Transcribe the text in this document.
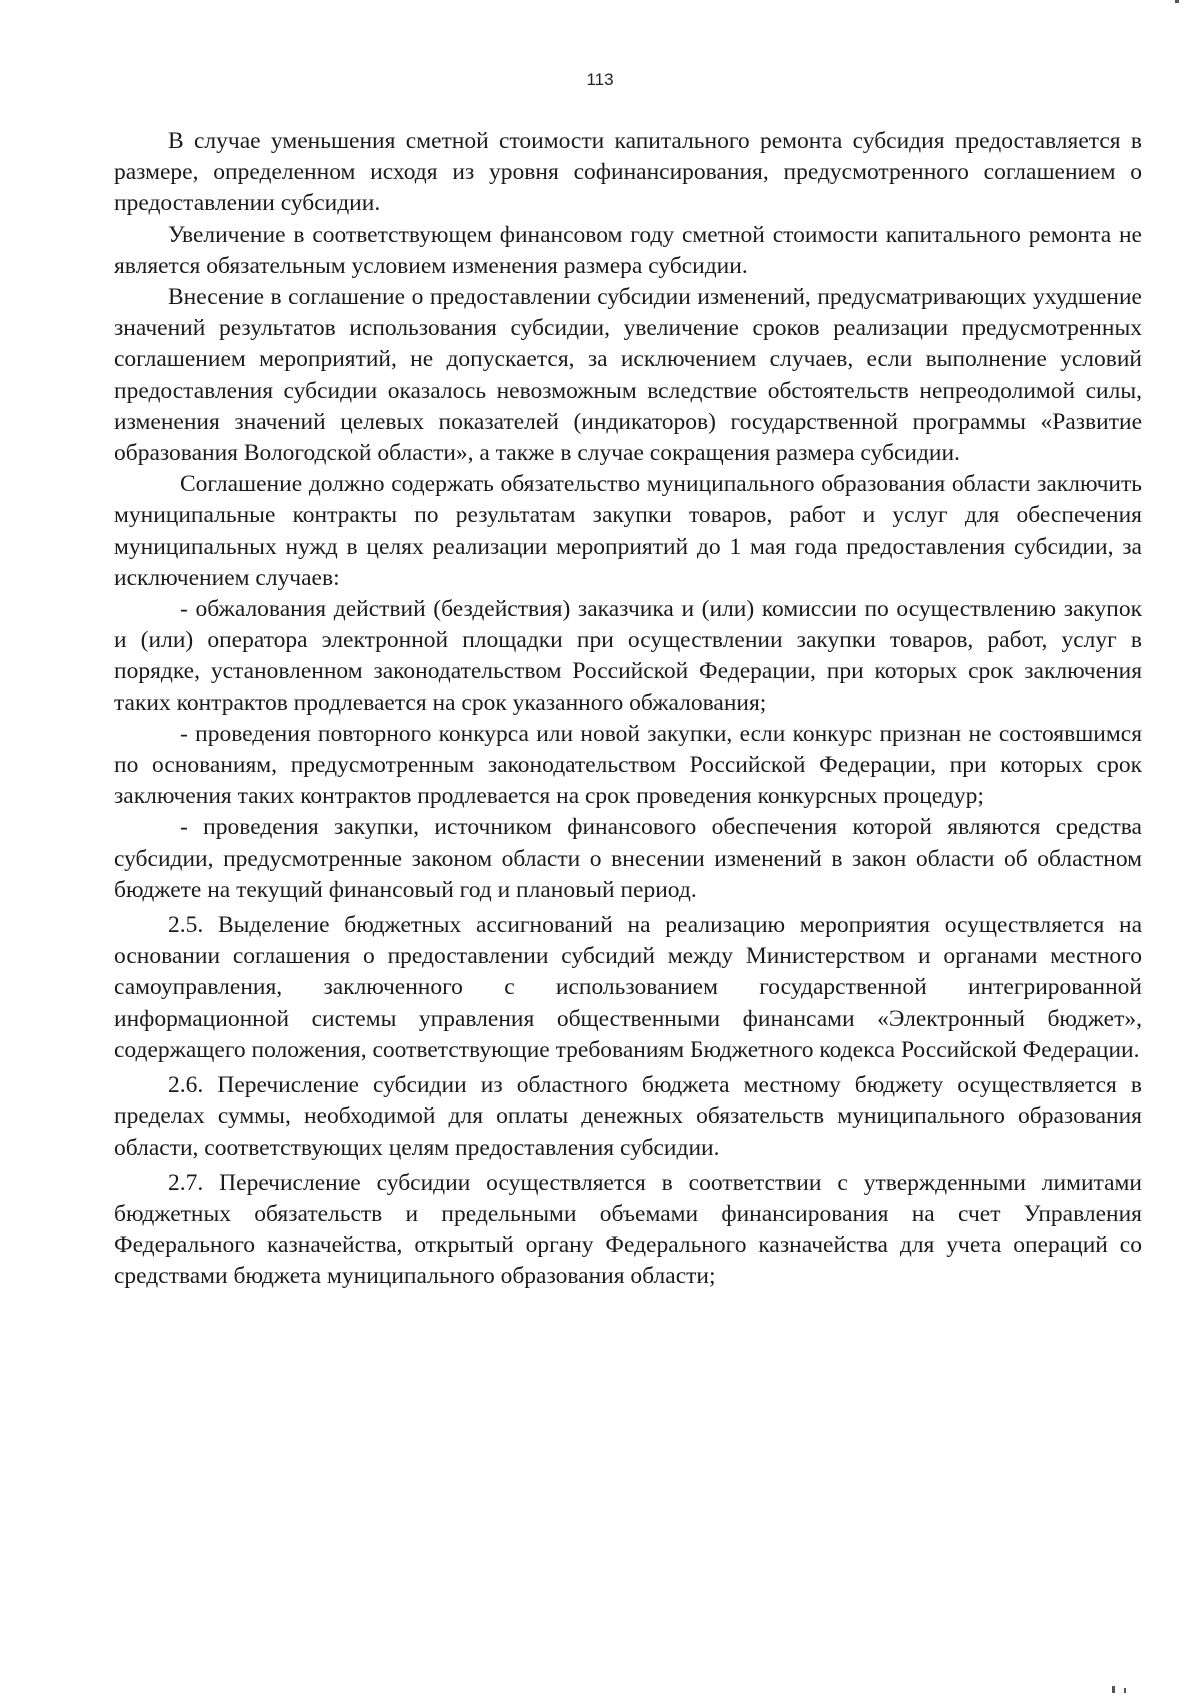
113

В случае уменьшения сметной стоимости капитального ремонта субсидия предоставляется в размере, определенном исходя из уровня софинансирования, предусмотренного соглашением о предоставлении субсидии.

Увеличение в соответствующем финансовом году сметной стоимости капитального ремонта не является обязательным условием изменения размера субсидии.

Внесение в соглашение о предоставлении субсидии изменений, предусматривающих ухудшение значений результатов использования субсидии, увеличение сроков реализации предусмотренных соглашением мероприятий, не допускается, за исключением случаев, если выполнение условий предоставления субсидии оказалось невозможным вследствие обстоятельств непреодолимой силы, изменения значений целевых показателей (индикаторов) государственной программы «Развитие образования Вологодской области», а также в случае сокращения размера субсидии.

Соглашение должно содержать обязательство муниципального образования области заключить муниципальные контракты по результатам закупки товаров, работ и услуг для обеспечения муниципальных нужд в целях реализации мероприятий до 1 мая года предоставления субсидии, за исключением случаев:

- обжалования действий (бездействия) заказчика и (или) комиссии по осуществлению закупок и (или) оператора электронной площадки при осуществлении закупки товаров, работ, услуг в порядке, установленном законодательством Российской Федерации, при которых срок заключения таких контрактов продлевается на срок указанного обжалования;

- проведения повторного конкурса или новой закупки, если конкурс признан не состоявшимся по основаниям, предусмотренным законодательством Российской Федерации, при которых срок заключения таких контрактов продлевается на срок проведения конкурсных процедур;

- проведения закупки, источником финансового обеспечения которой являются средства субсидии, предусмотренные законом области о внесении изменений в закон области об областном бюджете на текущий финансовый год и плановый период.

2.5. Выделение бюджетных ассигнований на реализацию мероприятия осуществляется на основании соглашения о предоставлении субсидий между Министерством и органами местного самоуправления, заключенного с использованием государственной интегрированной информационной системы управления общественными финансами «Электронный бюджет», содержащего положения, соответствующие требованиям Бюджетного кодекса Российской Федерации.

2.6. Перечисление субсидии из областного бюджета местному бюджету осуществляется в пределах суммы, необходимой для оплаты денежных обязательств муниципального образования области, соответствующих целям предоставления субсидии.

2.7. Перечисление субсидии осуществляется в соответствии с утвержденными лимитами бюджетных обязательств и предельными объемами финансирования на счет Управления Федерального казначейства, открытый органу Федерального казначейства для учета операций со средствами бюджета муниципального образования области;
